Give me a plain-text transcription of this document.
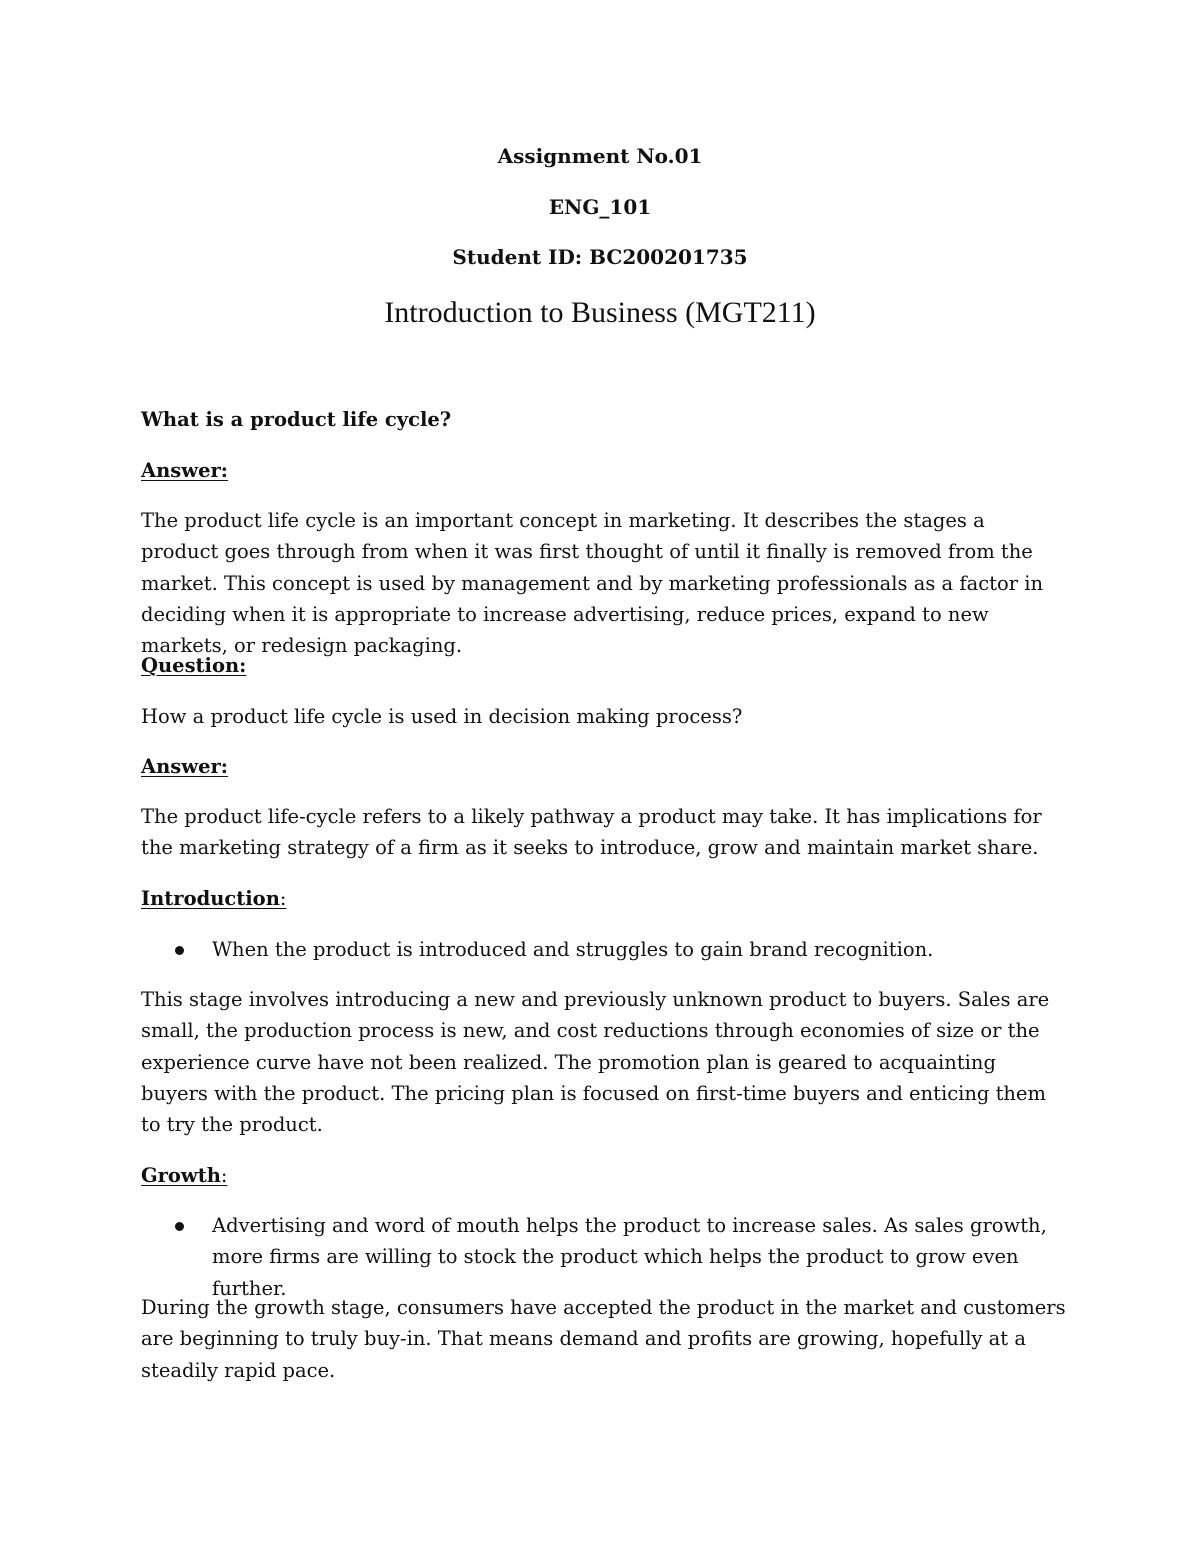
Assignment No.01
ENG_101
Student ID: BC200201735
Introduction to Business (MGT211)
What is a product life cycle?
Answer:
The product life cycle is an important concept in marketing. It describes the stages a product goes through from when it was first thought of until it finally is removed from the market. This concept is used by management and by marketing professionals as a factor in deciding when it is appropriate to increase advertising, reduce prices, expand to new markets, or redesign packaging.
Question:
How a product life cycle is used in decision making process?
Answer:
The product life-cycle refers to a likely pathway a product may take. It has implications for the marketing strategy of a firm as it seeks to introduce, grow and maintain market share.
Introduction:
When the product is introduced and struggles to gain brand recognition.
This stage involves introducing a new and previously unknown product to buyers. Sales are small, the production process is new, and cost reductions through economies of size or the experience curve have not been realized. The promotion plan is geared to acquainting buyers with the product. The pricing plan is focused on first-time buyers and enticing them to try the product.
Growth:
Advertising and word of mouth helps the product to increase sales. As sales growth, more firms are willing to stock the product which helps the product to grow even further.
During the growth stage, consumers have accepted the product in the market and customers are beginning to truly buy-in. That means demand and profits are growing, hopefully at a steadily rapid pace.
